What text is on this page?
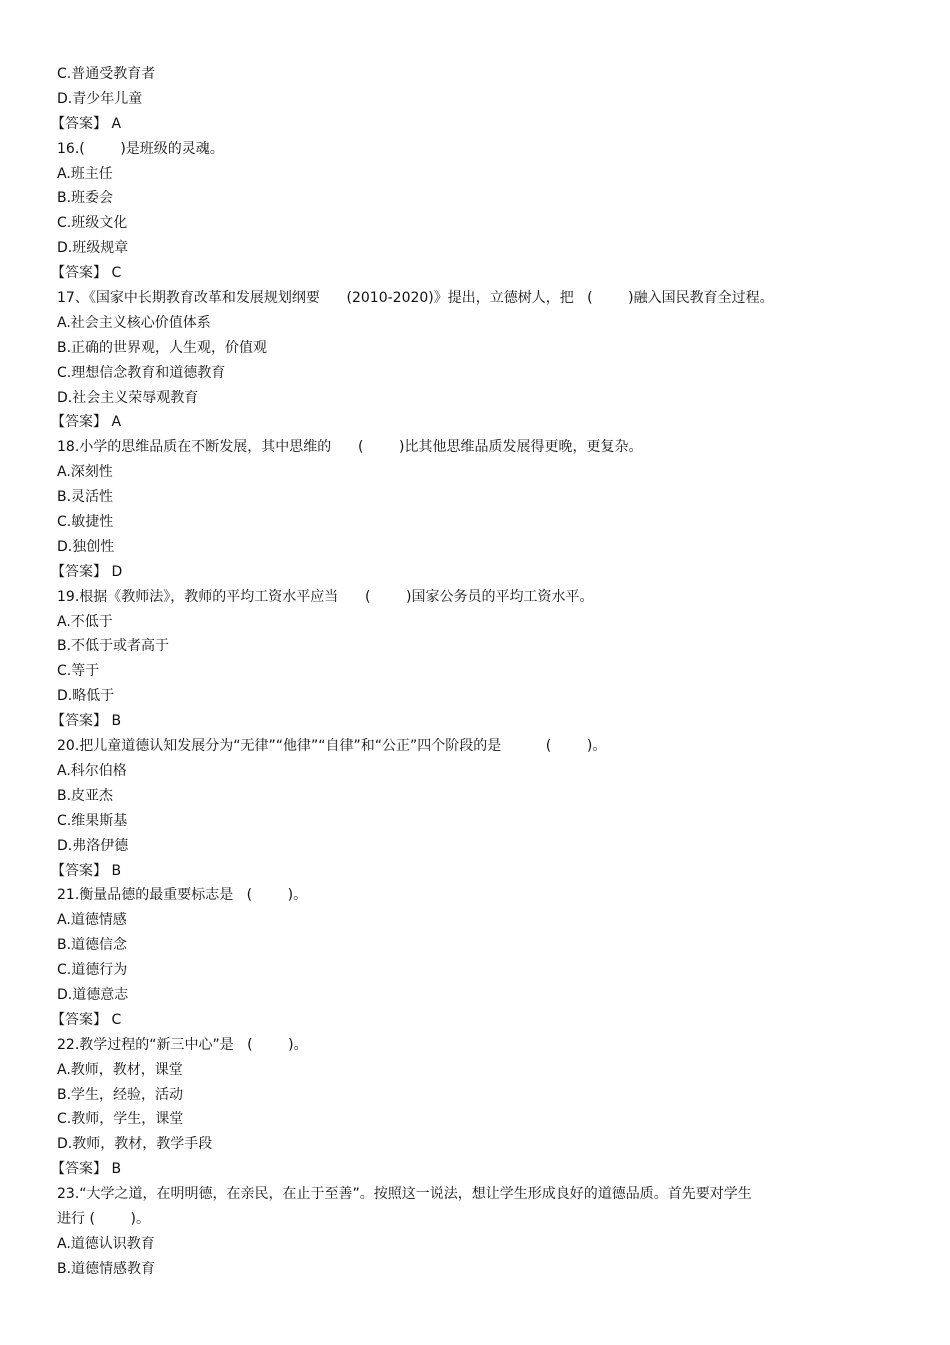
C.普通受教育者
D.青少年儿童
【答案】 A
16.(        )是班级的灵魂。
A.班主任
B.班委会
C.班级文化
D.班级规章
【答案】 C
17、《国家中长期教育改革和发展规划纲要      (2010-2020)》提出，立德树人，把   (        )融入国民教育全过程。
A.社会主义核心价值体系
B.正确的世界观，人生观，价值观
C.理想信念教育和道德教育
D.社会主义荣辱观教育
【答案】 A
18.小学的思维品质在不断发展，其中思维的      (        )比其他思维品质发展得更晚，更复杂。
A.深刻性
B.灵活性
C.敏捷性
D.独创性
【答案】 D
19.根据《教师法》，教师的平均工资水平应当      (        )国家公务员的平均工资水平。
A.不低于
B.不低于或者高于
C.等于
D.略低于
【答案】 B
20.把儿童道德认知发展分为“无律”“他律”“自律”和“公正”四个阶段的是          (        )。
A.科尔伯格
B.皮亚杰
C.维果斯基
D.弗洛伊德
【答案】 B
21.衡量品德的最重要标志是   (        )。
A.道德情感
B.道德信念
C.道德行为
D.道德意志
【答案】 C
22.教学过程的“新三中心”是   (        )。
A.教师，教材，课堂
B.学生，经验，活动
C.教师，学生，课堂
D.教师，教材，教学手段
【答案】 B
23.“大学之道，在明明德，在亲民，在止于至善”。按照这一说法，想让学生形成良好的道德品质。首先要对学生
进行 (        )。
A.道德认识教育
B.道德情感教育
